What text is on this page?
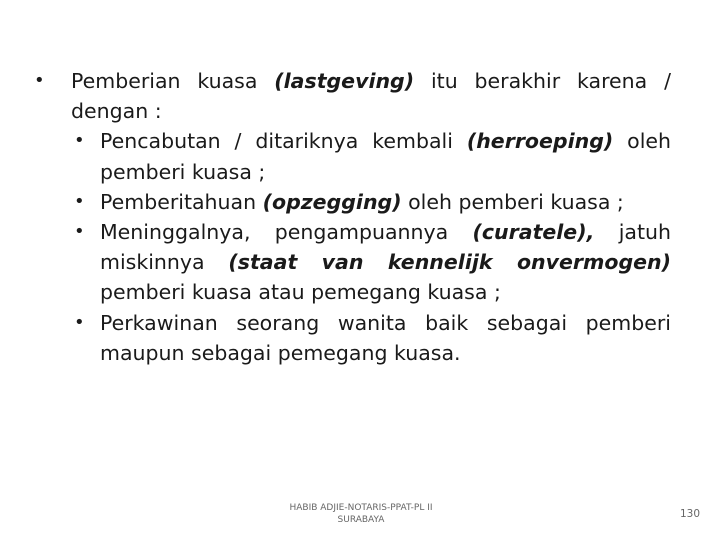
• Pemberian kuasa (lastgeving) itu berakhir karena / dengan :
• Pencabutan / ditariknya kembali (herroeping) oleh pemberi kuasa ;
• Pemberitahuan (opzegging) oleh pemberi kuasa ;
• Meninggalnya, pengampuannya (curatele), jatuh miskinnya (staat van kennelijk onvermogen) pemberi kuasa atau pemegang kuasa ;
• Perkawinan seorang wanita baik sebagai pemberi maupun sebagai pemegang kuasa.
HABIB ADJIE-NOTARIS-PPAT-PL II
SURABAYA	130
